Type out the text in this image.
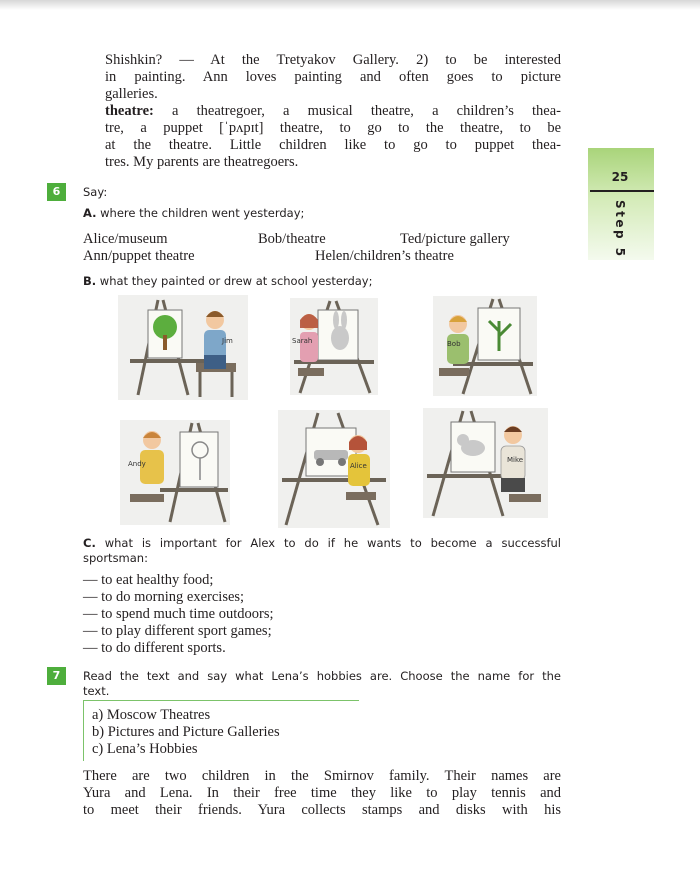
25
Step 5
Shishkin? — At the Tretyakov Gallery. 2) to be interested
in painting. Ann loves painting and often goes to picture
galleries.
theatre: a theatregoer, a musical theatre, a children’s thea-
tre, a puppet [ˈpʌpɪt] theatre, to go to the theatre, to be
at the theatre. Little children like to go to puppet thea-
tres. My parents are theatregoers.
6	Say:
A. where the children went yesterday;
Alice/museum	Bob/theatre	Ted/picture gallery
Ann/puppet theatre	Helen/children’s theatre
B. what they painted or drew at school yesterday;
Jim	Sarah	Bob
Andy	Alice
Mike
C. what is important for Alex to do if he wants to become a successful
sportsman:
— to eat healthy food;
— to do morning exercises;
— to spend much time outdoors;
— to play different sport games;
— to do different sports.
7	Read the text and say what Lena’s hobbies are. Choose the name for the
text.
a) Moscow Theatres
b) Pictures and Picture Galleries
c) Lena’s Hobbies
There are two children in the Smirnov family. Their names are
Yura and Lena. In their free time they like to play tennis and
to meet their friends. Yura collects stamps and disks with his
